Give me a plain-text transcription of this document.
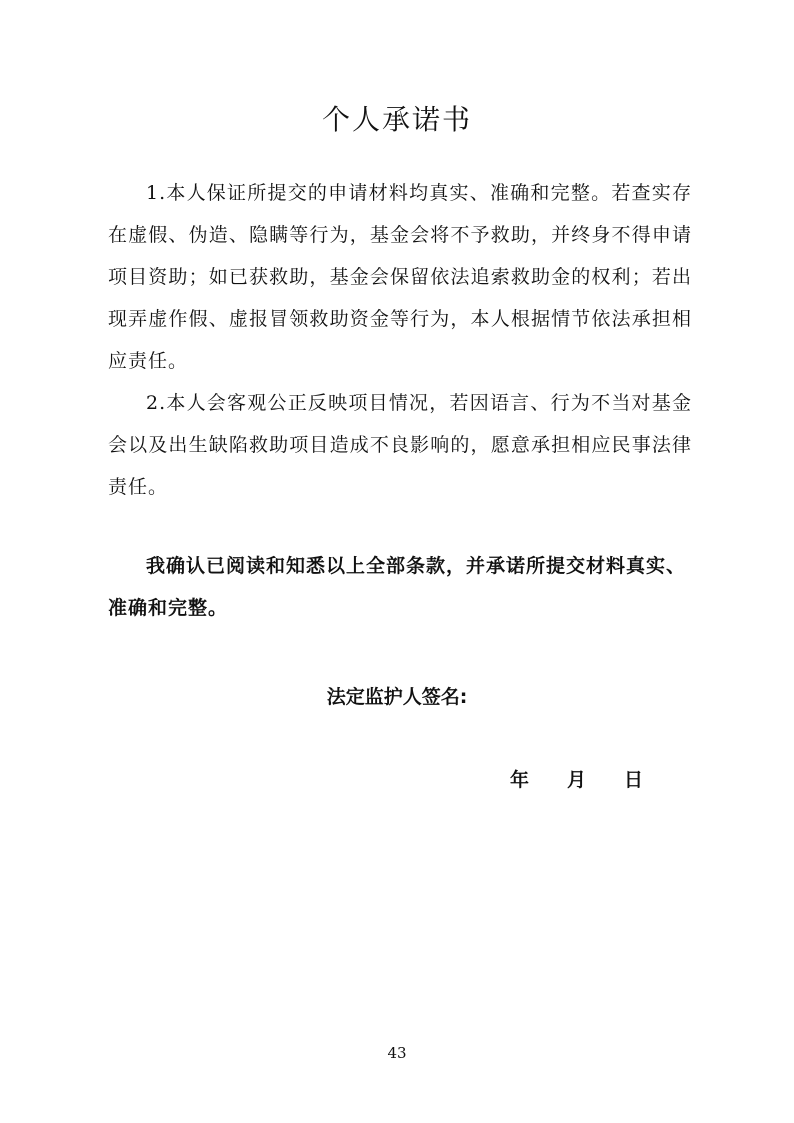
个人承诺书

1.本人保证所提交的申请材料均真实、准确和完整。若查实存在虚假、伪造、隐瞒等行为，基金会将不予救助，并终身不得申请项目资助；如已获救助，基金会保留依法追索救助金的权利；若出现弄虚作假、虚报冒领救助资金等行为，本人根据情节依法承担相应责任。

2.本人会客观公正反映项目情况，若因语言、行为不当对基金会以及出生缺陷救助项目造成不良影响的，愿意承担相应民事法律责任。

我确认已阅读和知悉以上全部条款，并承诺所提交材料真实、准确和完整。

法定监护人签名:
年 月 日
43
